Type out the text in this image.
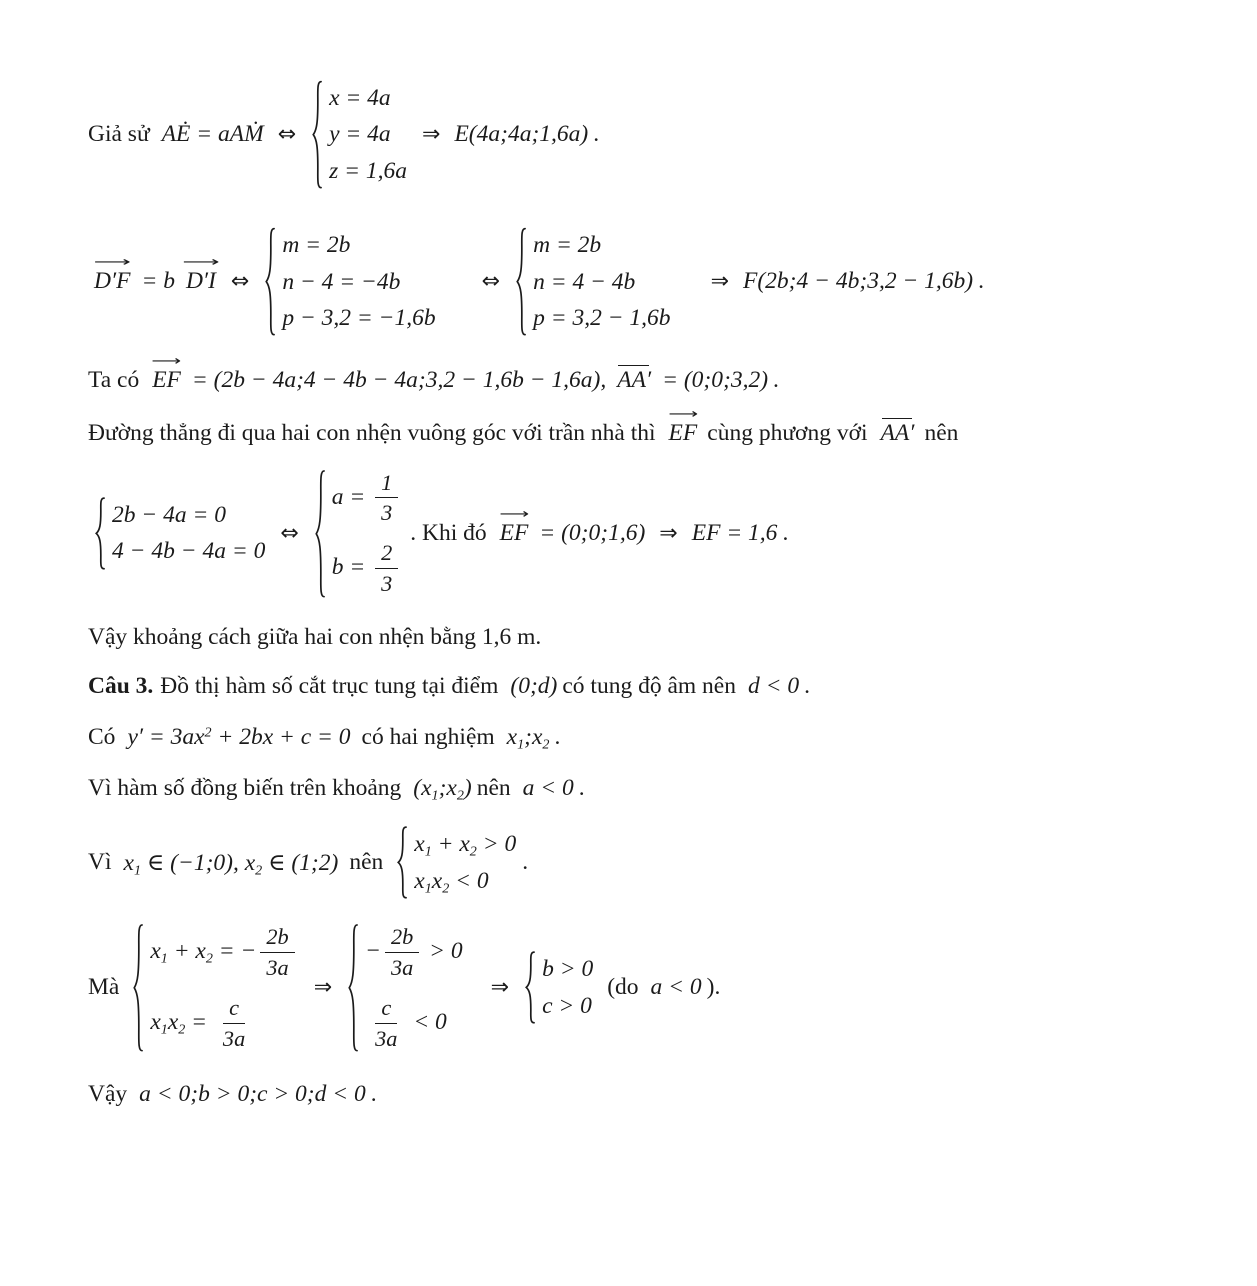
Giả sử AĖ = aAṀ ⇔
x = 4a
y = 4a
z = 1,6a
⇒ E(4a;4a;1,6a) .
⟶ D′F = b ⟶ D′I ⇔
m = 2b
n − 4 = −4b
p − 3,2 = −1,6b
⇔
m = 2b
n = 4 − 4b
p = 3,2 − 1,6b
⇒ F(2b;4 − 4b;3,2 − 1,6b) .
Ta có ⟶ EF = (2b − 4a;4 − 4b − 4a;3,2 − 1,6b − 1,6a), AA′ = (0;0;3,2) .
Đường thẳng đi qua hai con nhện vuông góc với trần nhà thì ⟶ EF cùng phương với AA′ nên
2b − 4a = 0
4 − 4b − 4a = 0
⇔
$a = \frac{1}{3}$
$b = \frac{2}{3}$
. Khi đó ⟶ EF = (0;0;1,6) ⇒ EF = 1,6 .
Vậy khoảng cách giữa hai con nhện bằng 1,6 m.
Câu 3. Đồ thị hàm số cắt trục tung tại điểm (0;d) có tung độ âm nên d < 0 .
Có $y' = 3ax^2 + 2bx + c = 0$ có hai nghiệm $x_1;x_2$ .
Vì hàm số đồng biến trên khoảng $(x_1;x_2)$ nên a < 0 .
Vì $x_1$ ∈ (−1;0), $x_2$ ∈ (1;2) nên
$x_1 + x_2 > 0$
$x_1x_2 < 0$
.
Mà
$x_1 + x_2$ = − $\frac{2b}{3a}$
$x_1x_2 = \frac{c}{3a}$
⇒
− $\frac{2b}{3a} > 0$
$\frac{c}{3a} < 0$
⇒
b > 0
c > 0
(do a < 0 ).
Vậy a < 0;b > 0;c > 0;d < 0 .
